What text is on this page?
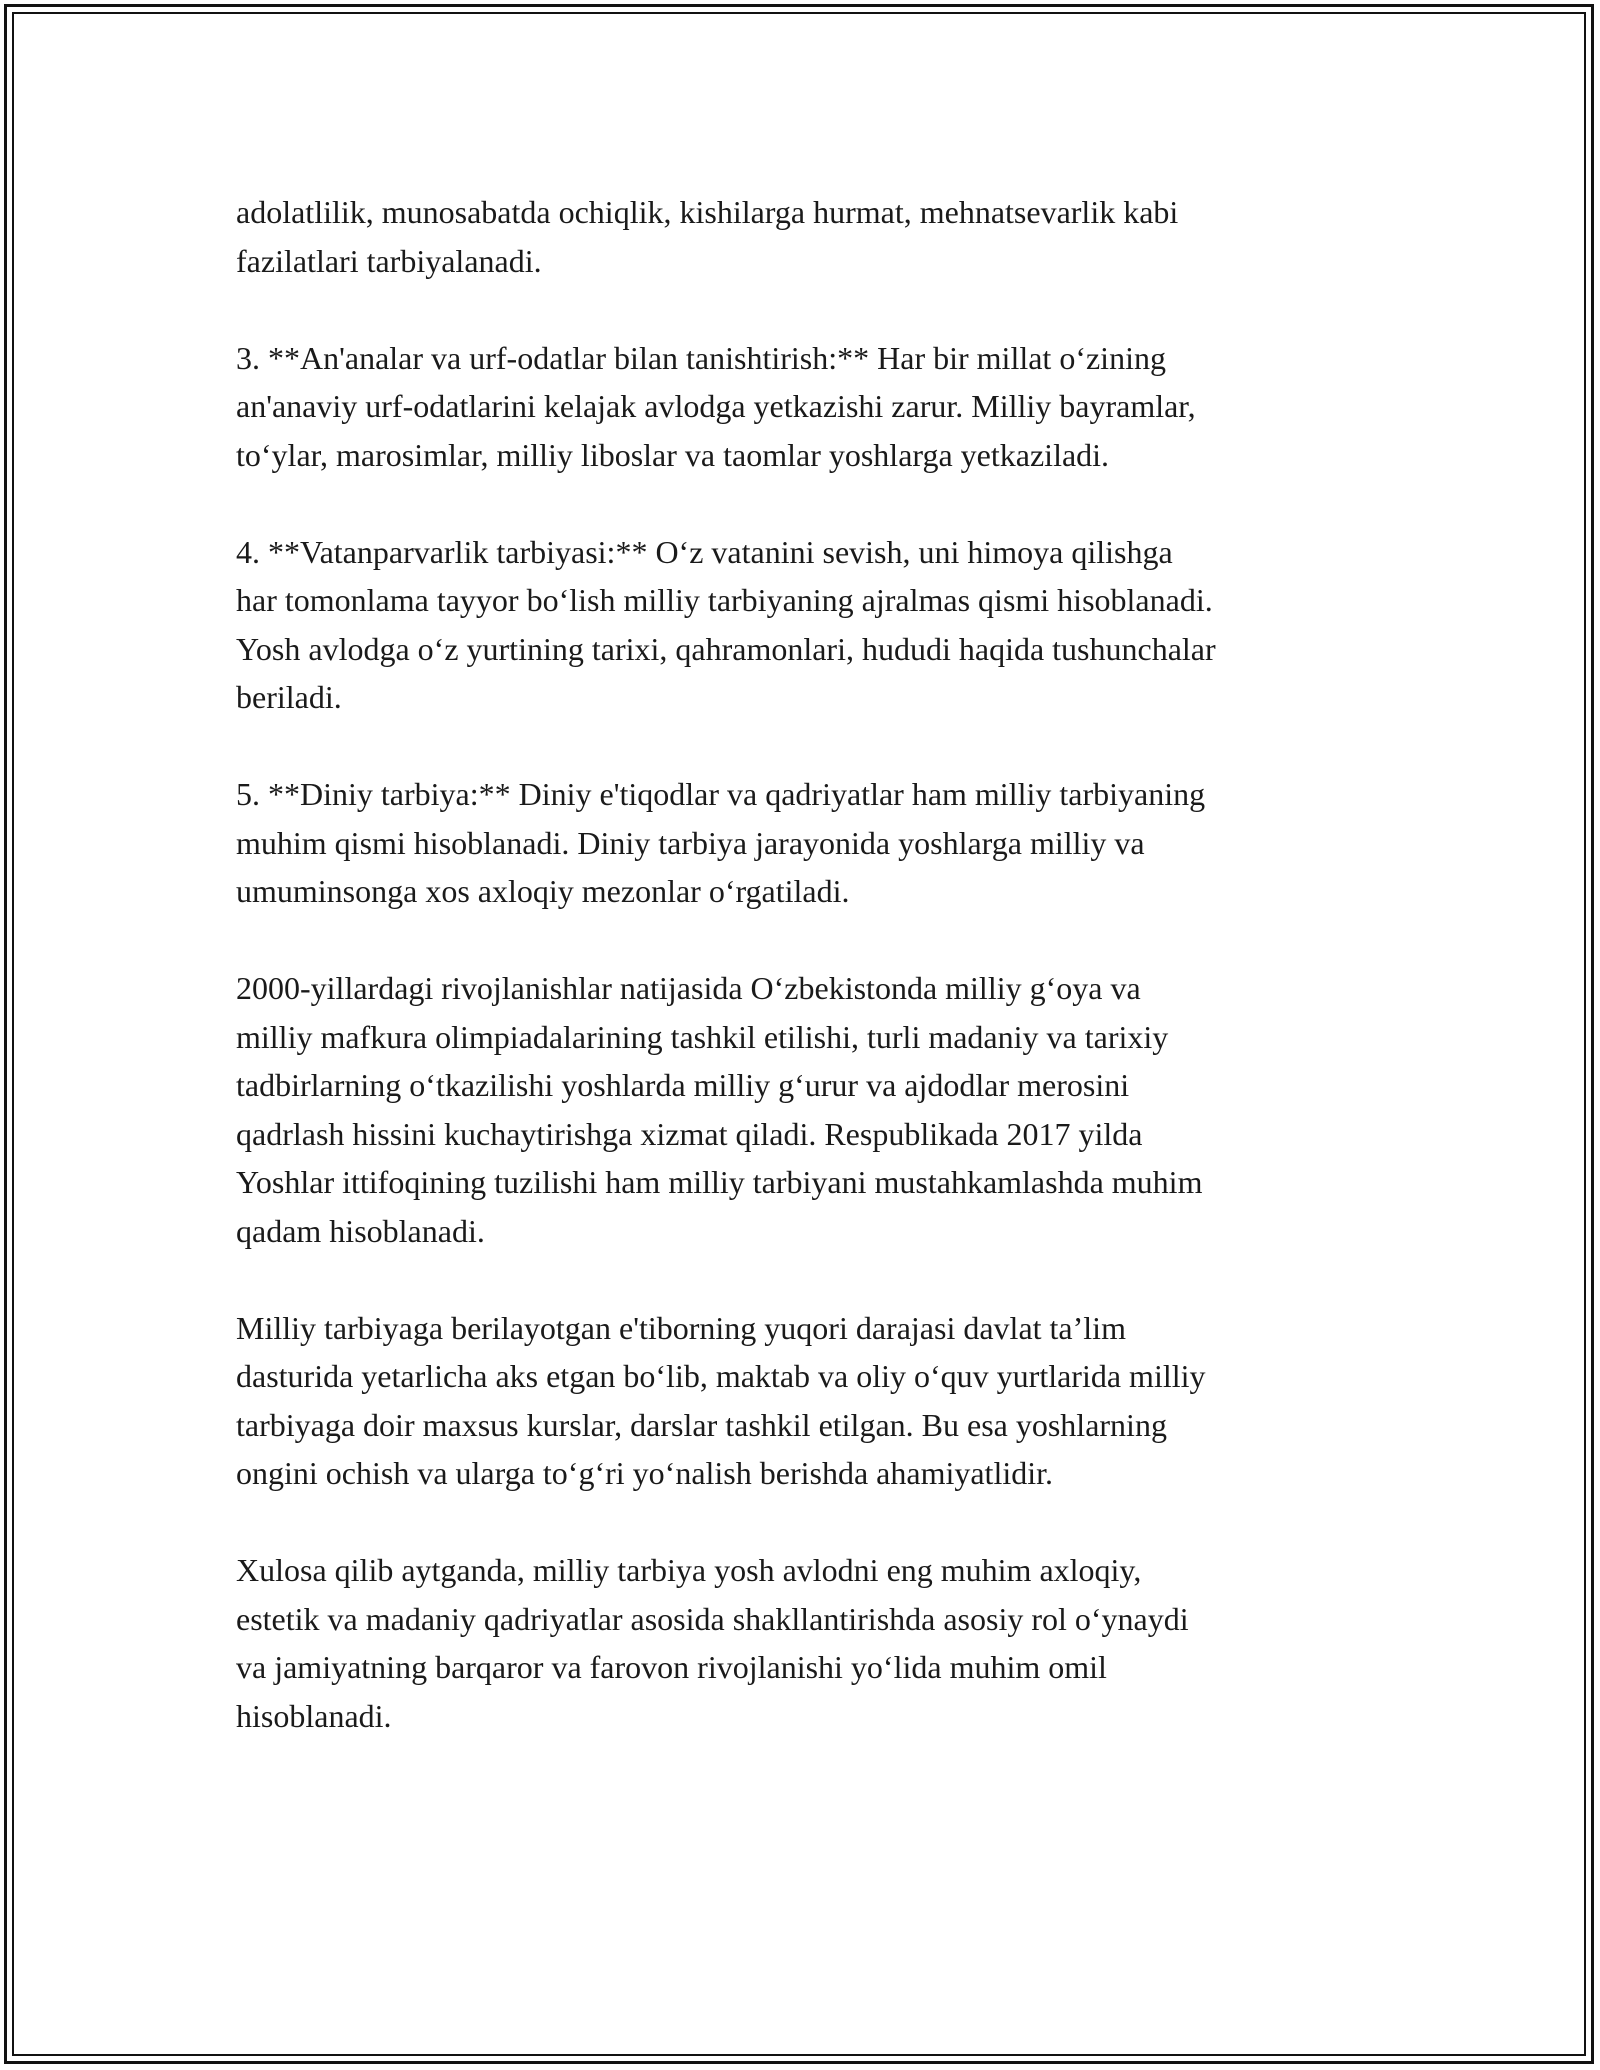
adolatlilik, munosabatda ochiqlik, kishilarga hurmat, mehnatsevarlik kabi
fazilatlari tarbiyalanadi.

3. **An'analar va urf-odatlar bilan tanishtirish:** Har bir millat o‘zining
an'anaviy urf-odatlarini kelajak avlodga yetkazishi zarur. Milliy bayramlar,
to‘ylar, marosimlar, milliy liboslar va taomlar yoshlarga yetkaziladi.

4. **Vatanparvarlik tarbiyasi:** O‘z vatanini sevish, uni himoya qilishga
har tomonlama tayyor bo‘lish milliy tarbiyaning ajralmas qismi hisoblanadi.
Yosh avlodga o‘z yurtining tarixi, qahramonlari, hududi haqida tushunchalar
beriladi.

5. **Diniy tarbiya:** Diniy e'tiqodlar va qadriyatlar ham milliy tarbiyaning
muhim qismi hisoblanadi. Diniy tarbiya jarayonida yoshlarga milliy va
umuminsonga xos axloqiy mezonlar o‘rgatiladi.

2000-yillardagi rivojlanishlar natijasida O‘zbekistonda milliy g‘oya va
milliy mafkura olimpiadalarining tashkil etilishi, turli madaniy va tarixiy
tadbirlarning o‘tkazilishi yoshlarda milliy g‘urur va ajdodlar merosini
qadrlash hissini kuchaytirishga xizmat qiladi. Respublikada 2017 yilda
Yoshlar ittifoqining tuzilishi ham milliy tarbiyani mustahkamlashda muhim
qadam hisoblanadi.

Milliy tarbiyaga berilayotgan e'tiborning yuqori darajasi davlat ta’lim
dasturida yetarlicha aks etgan bo‘lib, maktab va oliy o‘quv yurtlarida milliy
tarbiyaga doir maxsus kurslar, darslar tashkil etilgan. Bu esa yoshlarning
ongini ochish va ularga to‘g‘ri yo‘nalish berishda ahamiyatlidir.

Xulosa qilib aytganda, milliy tarbiya yosh avlodni eng muhim axloqiy,
estetik va madaniy qadriyatlar asosida shakllantirishda asosiy rol o‘ynaydi
va jamiyatning barqaror va farovon rivojlanishi yo‘lida muhim omil
hisoblanadi.
